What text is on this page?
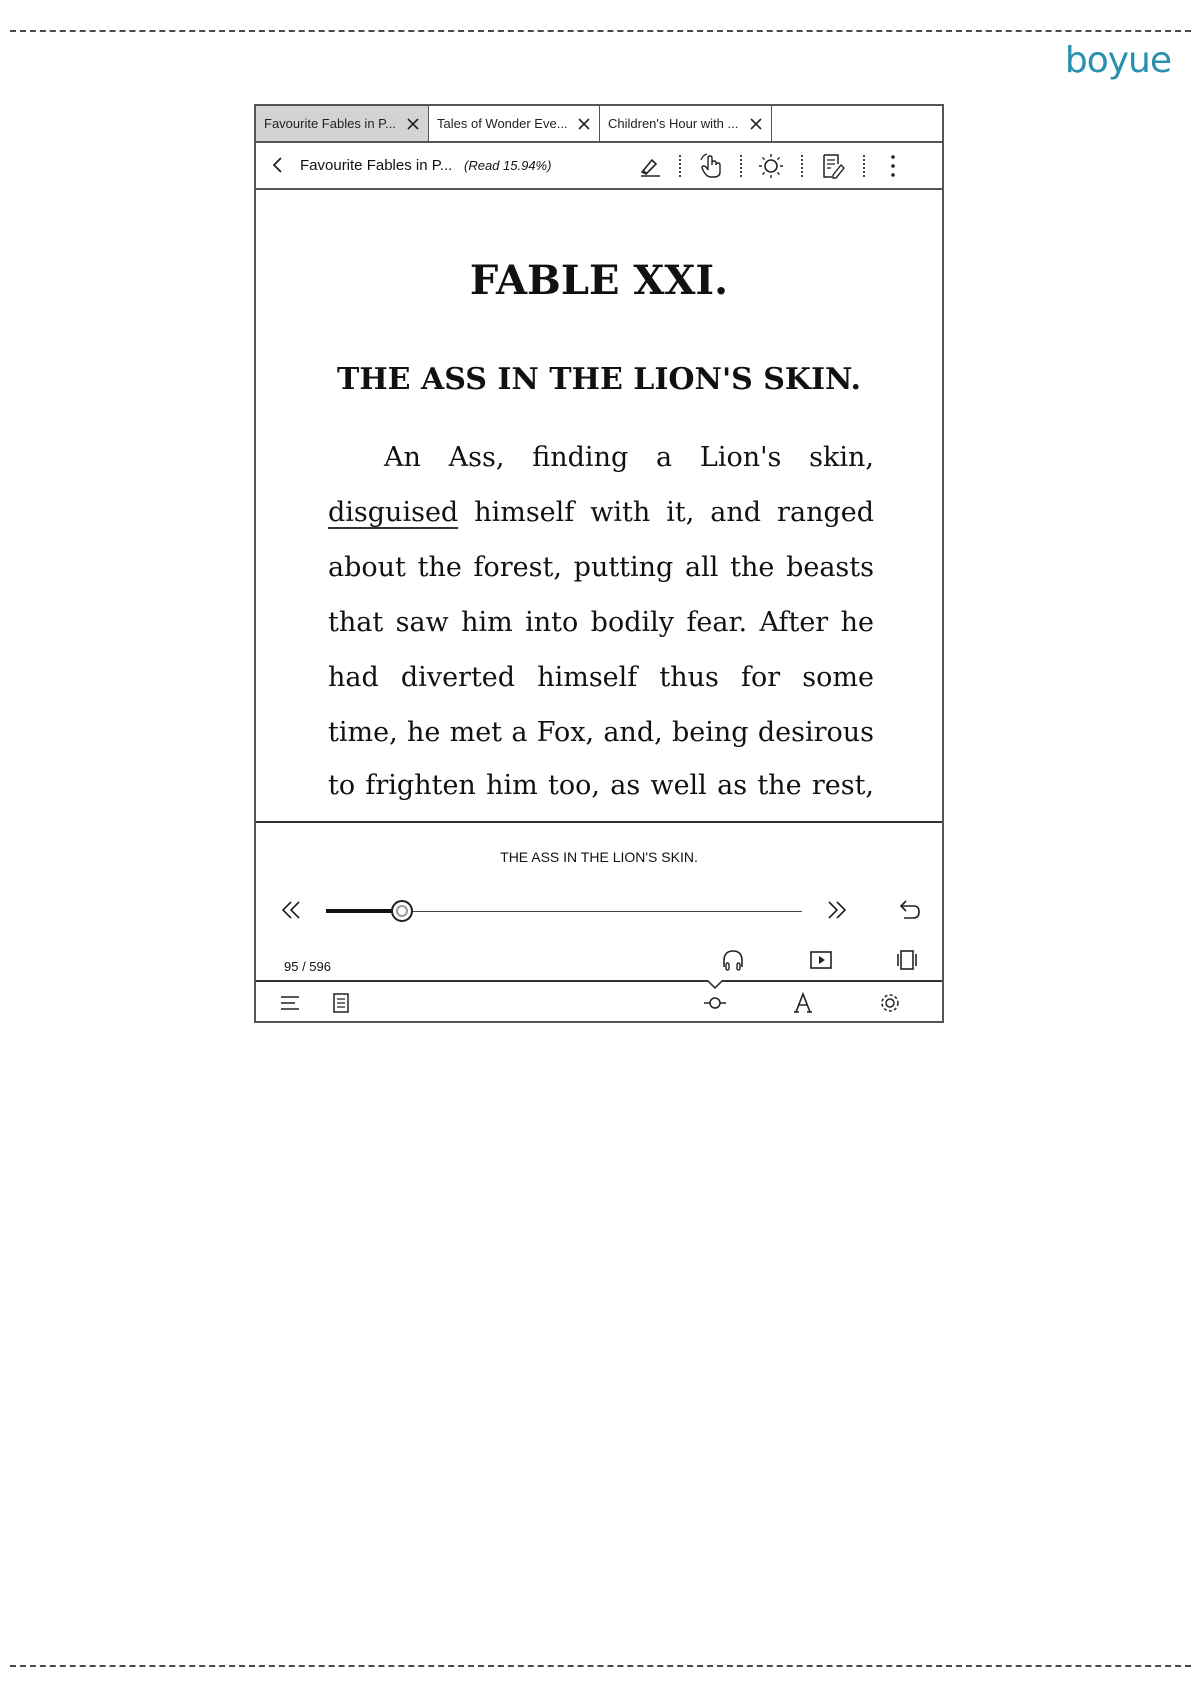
boyue
Favourite Fables in P...	Tales of Wonder Eve...	Children's Hour with ...
Favourite Fables in P... (Read 15.94%)
FABLE XXI.
THE ASS IN THE LION'S SKIN.
An Ass, finding a Lion's skin,
disguised himself with it, and ranged
about the forest, putting all the beasts
that saw him into bodily fear. After he
had diverted himself thus for some
time, he met a Fox, and, being desirous
to frighten him too, as well as the rest,
THE ASS IN THE LION'S SKIN.
95 / 596
